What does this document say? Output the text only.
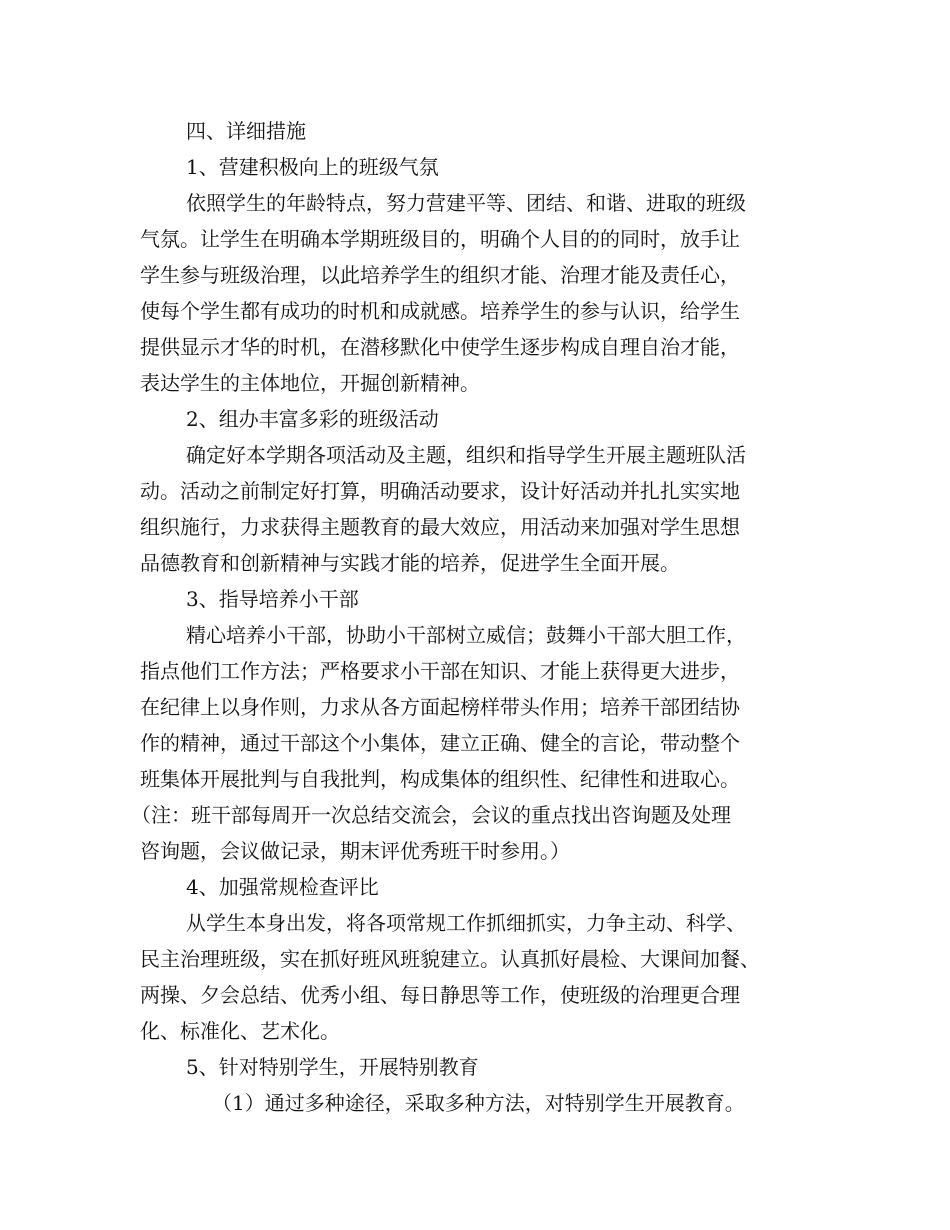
四、详细措施
1、营建积极向上的班级气氛
依照学生的年龄特点，努力营建平等、团结、和谐、进取的班级
气氛。让学生在明确本学期班级目的，明确个人目的的同时，放手让
学生参与班级治理，以此培养学生的组织才能、治理才能及责任心，
使每个学生都有成功的时机和成就感。培养学生的参与认识，给学生
提供显示才华的时机，在潜移默化中使学生逐步构成自理自治才能，
表达学生的主体地位，开掘创新精神。
2、组办丰富多彩的班级活动
确定好本学期各项活动及主题，组织和指导学生开展主题班队活
动。活动之前制定好打算，明确活动要求，设计好活动并扎扎实实地
组织施行，力求获得主题教育的最大效应，用活动来加强对学生思想
品德教育和创新精神与实践才能的培养，促进学生全面开展。
3、指导培养小干部
精心培养小干部，协助小干部树立威信；鼓舞小干部大胆工作，
指点他们工作方法；严格要求小干部在知识、才能上获得更大进步，
在纪律上以身作则，力求从各方面起榜样带头作用；培养干部团结协
作的精神，通过干部这个小集体，建立正确、健全的言论，带动整个
班集体开展批判与自我批判，构成集体的组织性、纪律性和进取心。
（注：班干部每周开一次总结交流会，会议的重点找出咨询题及处理
咨询题，会议做记录，期末评优秀班干时参用。）
4、加强常规检查评比
从学生本身出发，将各项常规工作抓细抓实，力争主动、科学、
民主治理班级，实在抓好班风班貌建立。认真抓好晨检、大课间加餐、
两操、夕会总结、优秀小组、每日静思等工作，使班级的治理更合理
化、标准化、艺术化。
5、针对特别学生，开展特别教育
（1）通过多种途径，采取多种方法，对特别学生开展教育。
